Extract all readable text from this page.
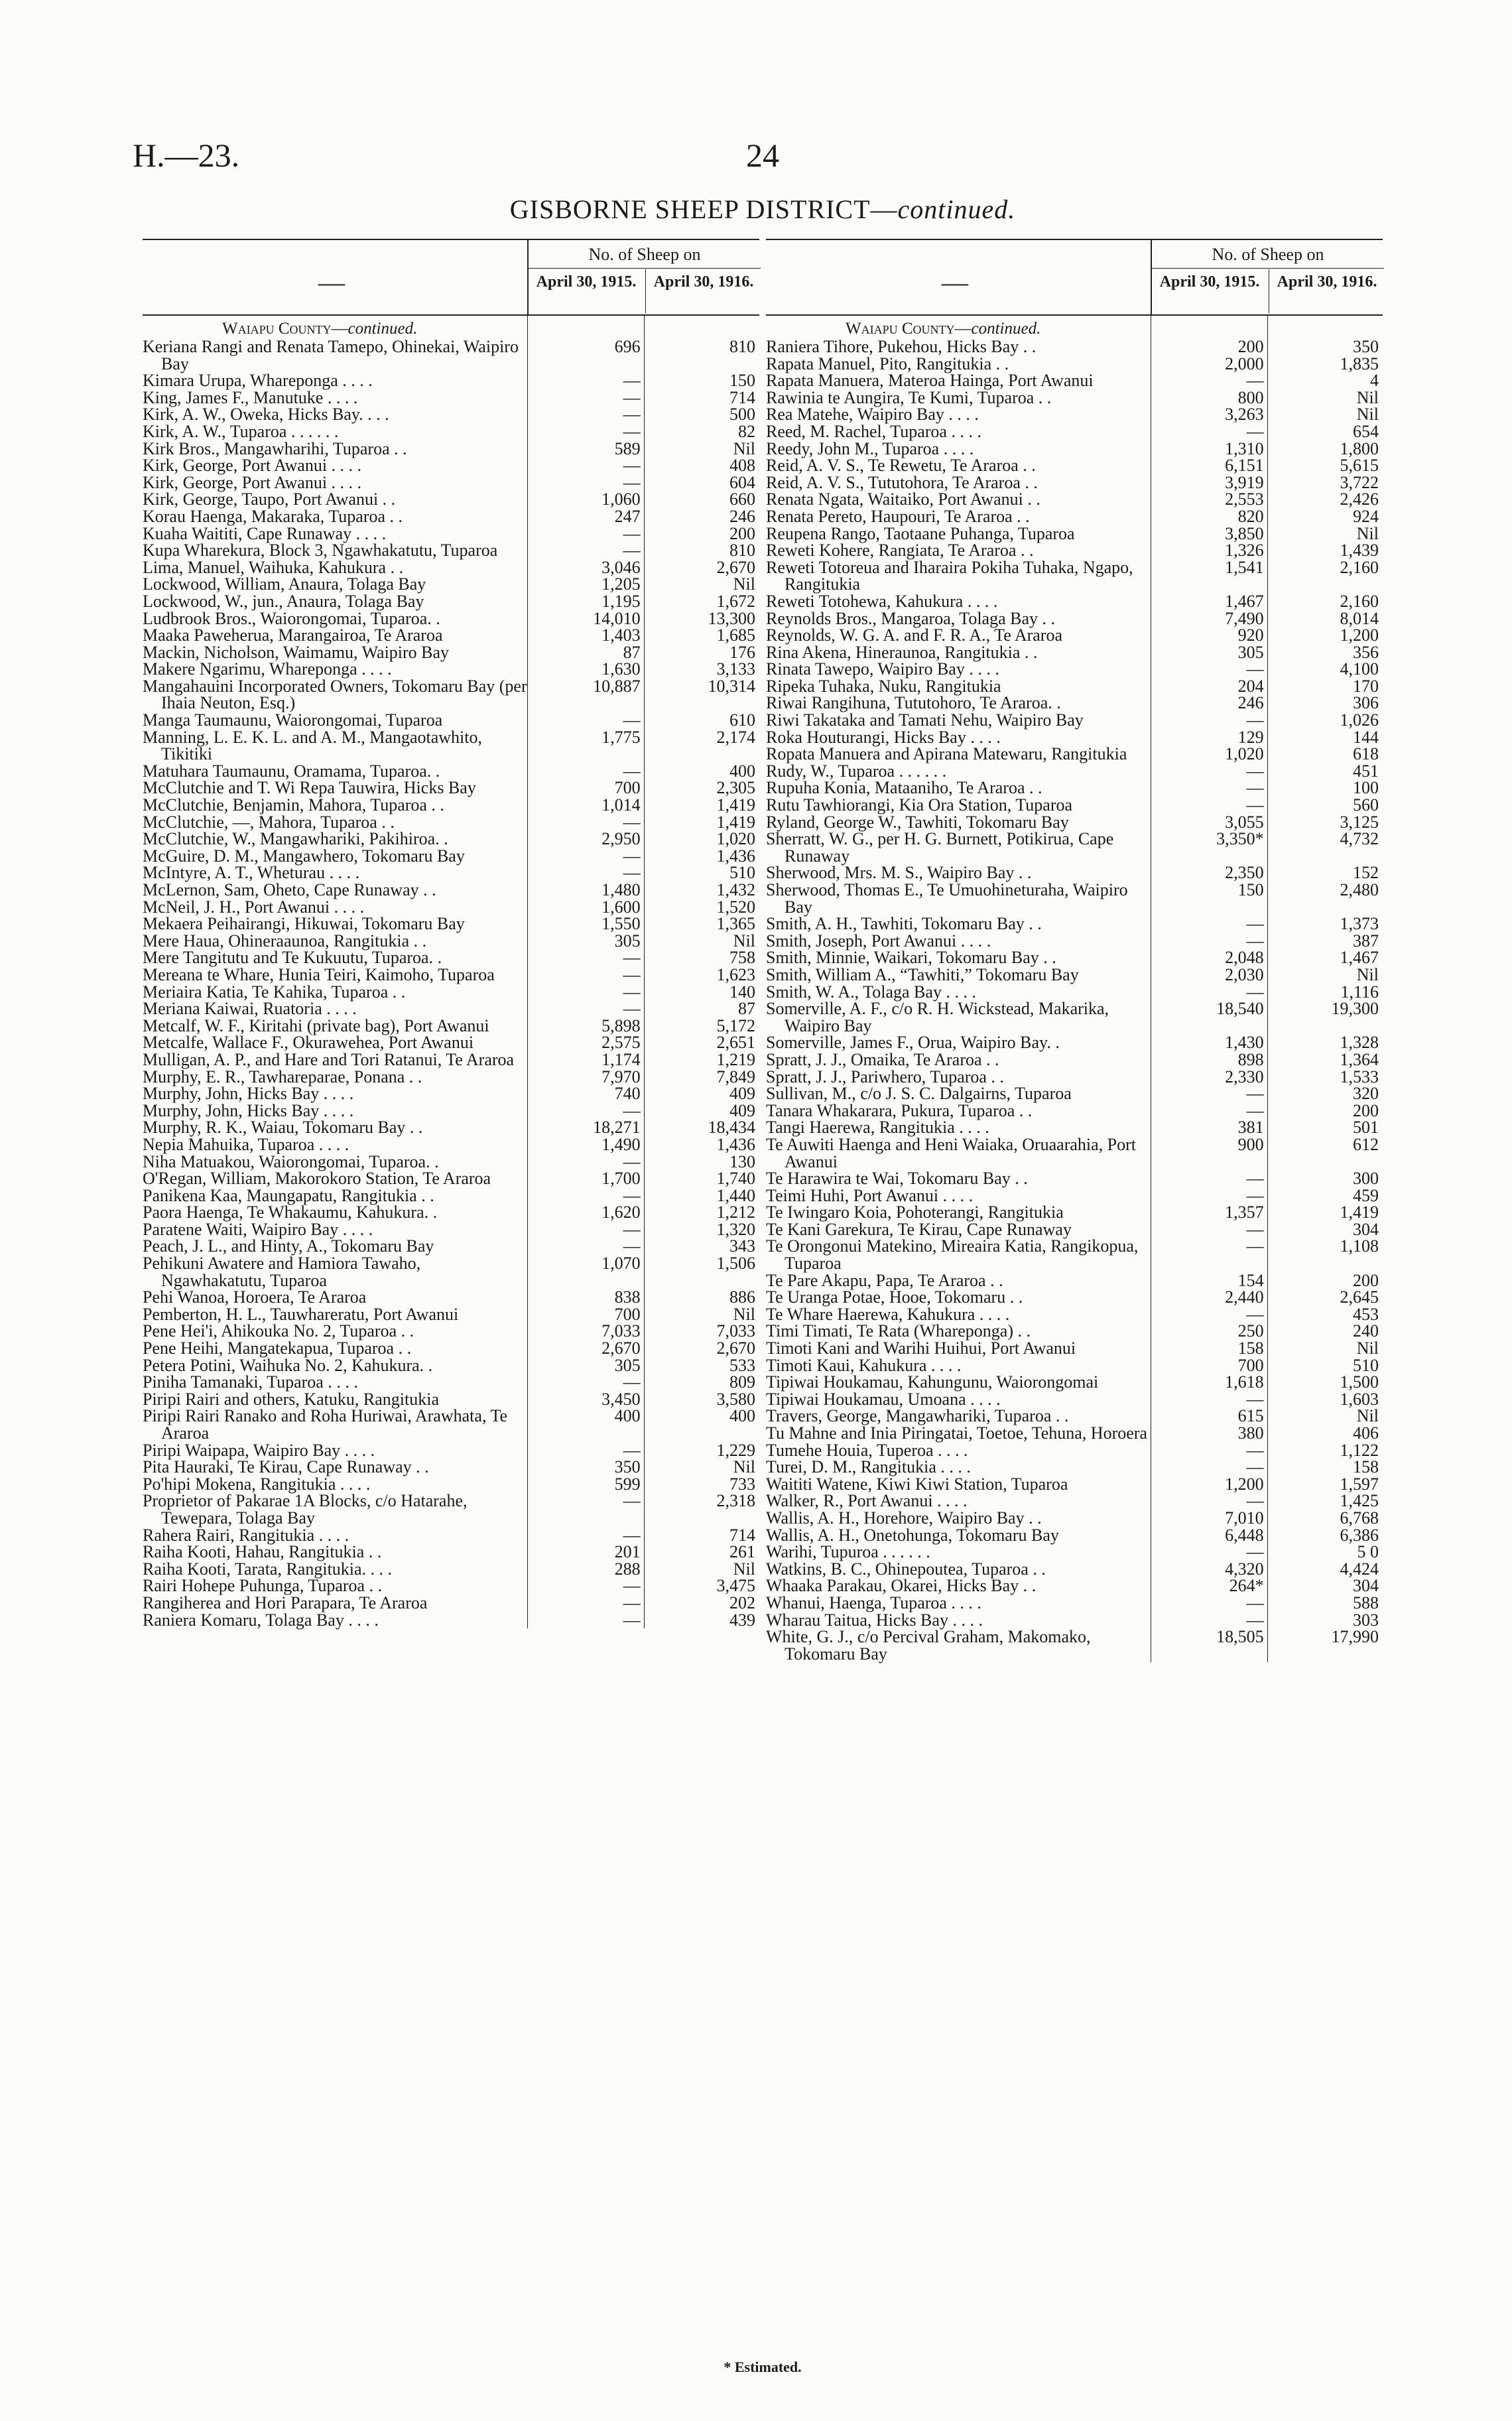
H.—23.	24
GISBORNE SHEEP DISTRICT—continued.
—
No. of Sheep on
April 30, 1915.	April 30, 1916.
Waiapu County—continued.
Keriana Rangi and Renata Tamepo, Ohinekai, Waipiro Bay
696	810
Kimara Urupa, Whareponga . . . .	—	150
King, James F., Manutuke . . . .	—	714
Kirk, A. W., Oweka, Hicks Bay. . . .	—	500
Kirk, A. W., Tuparoa . . . . . .	—	82
Kirk Bros., Mangawharihi, Tuparoa . .	589	Nil
Kirk, George, Port Awanui . . . .	—	408
Kirk, George, Port Awanui . . . .	—	604
Kirk, George, Taupo, Port Awanui . .	1,060	660
Korau Haenga, Makaraka, Tuparoa . .	247	246
Kuaha Waititi, Cape Runaway . . . .	—	200
Kupa Wharekura, Block 3, Ngawhakatutu, Tuparoa	—	810
Lima, Manuel, Waihuka, Kahukura . .	3,046	2,670
Lockwood, William, Anaura, Tolaga Bay	1,205	Nil
Lockwood, W., jun., Anaura, Tolaga Bay	1,195	1,672
Ludbrook Bros., Waiorongomai, Tuparoa. .	14,010	13,300
Maaka Paweherua, Marangairoa, Te Araroa	1,403	1,685
Mackin, Nicholson, Waimamu, Waipiro Bay	87	176
Makere Ngarimu, Whareponga . . . .	1,630	3,133
Mangahauini Incorporated Owners, Tokomaru Bay (per Ihaia Neuton, Esq.)
10,887	10,314
Manga Taumaunu, Waiorongomai, Tuparoa	—	610
Manning, L. E. K. L. and A. M., Mangaotawhito, Tikitiki
1,775	2,174
Matuhara Taumaunu, Oramama, Tuparoa. .	—	400
McClutchie and T. Wi Repa Tauwira, Hicks Bay	700	2,305
McClutchie, Benjamin, Mahora, Tuparoa . .	1,014	1,419
McClutchie, —, Mahora, Tuparoa . .	—	1,419
McClutchie, W., Mangawhariki, Pakihiroa. .	2,950	1,020
McGuire, D. M., Mangawhero, Tokomaru Bay	—	1,436
McIntyre, A. T., Wheturau . . . .	—	510
McLernon, Sam, Oheto, Cape Runaway . .	1,480	1,432
McNeil, J. H., Port Awanui . . . .	1,600	1,520
Mekaera Peihairangi, Hikuwai, Tokomaru Bay	1,550	1,365
Mere Haua, Ohineraaunoa, Rangitukia . .	305	Nil
Mere Tangitutu and Te Kukuutu, Tuparoa. .	—	758
Mereana te Whare, Hunia Teiri, Kaimoho, Tuparoa	—	1,623
Meriaira Katia, Te Kahika, Tuparoa . .	—	140
Meriana Kaiwai, Ruatoria . . . .	—	87
Metcalf, W. F., Kiritahi (private bag), Port Awanui	5,898	5,172
Metcalfe, Wallace F., Okurawehea, Port Awanui	2,575	2,651
Mulligan, A. P., and Hare and Tori Ratanui, Te Araroa	1,174	1,219
Murphy, E. R., Tawhareparae, Ponana . .	7,970	7,849
Murphy, John, Hicks Bay . . . .	740	409
Murphy, John, Hicks Bay . . . .	—	409
Murphy, R. K., Waiau, Tokomaru Bay . .	18,271	18,434
Nepia Mahuika, Tuparoa . . . .	1,490	1,436
Niha Matuakou, Waiorongomai, Tuparoa. .	—	130
O'Regan, William, Makorokoro Station, Te Araroa	1,700	1,740
Panikena Kaa, Maungapatu, Rangitukia . .	—	1,440
Paora Haenga, Te Whakaumu, Kahukura. .	1,620	1,212
Paratene Waiti, Waipiro Bay . . . .	—	1,320
Peach, J. L., and Hinty, A., Tokomaru Bay	—	343
Pehikuni Awatere and Hamiora Tawaho, Ngawhakatutu, Tuparoa
1,070	1,506
Pehi Wanoa, Horoera, Te Araroa	838	886
Pemberton, H. L., Tauwhareratu, Port Awanui	700	Nil
Pene Hei'i, Ahikouka No. 2, Tuparoa . .	7,033	7,033
Pene Heihi, Mangatekapua, Tuparoa . .	2,670	2,670
Petera Potini, Waihuka No. 2, Kahukura. .	305	533
Piniha Tamanaki, Tuparoa . . . .	—	809
Piripi Rairi and others, Katuku, Rangitukia	3,450	3,580
Piripi Rairi Ranako and Roha Huriwai, Arawhata, Te Araroa
400	400
Piripi Waipapa, Waipiro Bay . . . .	—	1,229
Pita Hauraki, Te Kirau, Cape Runaway . .	350	Nil
Po'hipi Mokena, Rangitukia . . . .	599	733
Proprietor of Pakarae 1A Blocks, c/o Hatarahe, Tewepara, Tolaga Bay
—	2,318
Rahera Rairi, Rangitukia . . . .	—	714
Raiha Kooti, Hahau, Rangitukia . .	201	261
Raiha Kooti, Tarata, Rangitukia. . . .	288	Nil
Rairi Hohepe Puhunga, Tuparoa . .	—	3,475
Rangiherea and Hori Parapara, Te Araroa	—	202
Raniera Komaru, Tolaga Bay . . . .	—	439
—
No. of Sheep on
April 30, 1915.	April 30, 1916.
Waiapu County—continued.
Raniera Tihore, Pukehou, Hicks Bay . .	200	350
Rapata Manuel, Pito, Rangitukia . .	2,000	1,835
Rapata Manuera, Materoa Hainga, Port Awanui	—	4
Rawinia te Aungira, Te Kumi, Tuparoa . .	800	Nil
Rea Matehe, Waipiro Bay . . . .	3,263	Nil
Reed, M. Rachel, Tuparoa . . . .	—	654
Reedy, John M., Tuparoa . . . .	1,310	1,800
Reid, A. V. S., Te Rewetu, Te Araroa . .	6,151	5,615
Reid, A. V. S., Tututohora, Te Araroa . .	3,919	3,722
Renata Ngata, Waitaiko, Port Awanui . .	2,553	2,426
Renata Pereto, Haupouri, Te Araroa . .	820	924
Reupena Rango, Taotaane Puhanga, Tuparoa	3,850	Nil
Reweti Kohere, Rangiata, Te Araroa . .	1,326	1,439
Reweti Totoreua and Iharaira Pokiha Tuhaka, Ngapo, Rangitukia
1,541	2,160
Reweti Totohewa, Kahukura . . . .	1,467	2,160
Reynolds Bros., Mangaroa, Tolaga Bay . .	7,490	8,014
Reynolds, W. G. A. and F. R. A., Te Araroa	920	1,200
Rina Akena, Hineraunoa, Rangitukia . .	305	356
Rinata Tawepo, Waipiro Bay . . . .	—	4,100
Ripeka Tuhaka, Nuku, Rangitukia	204	170
Riwai Rangihuna, Tututohoro, Te Araroa. .	246	306
Riwi Takataka and Tamati Nehu, Waipiro Bay	—	1,026
Roka Houturangi, Hicks Bay . . . .	129	144
Ropata Manuera and Apirana Matewaru, Rangitukia	1,020	618
Rudy, W., Tuparoa . . . . . .	—	451
Rupuha Konia, Mataaniho, Te Araroa . .	—	100
Rutu Tawhiorangi, Kia Ora Station, Tuparoa	—	560
Ryland, George W., Tawhiti, Tokomaru Bay	3,055	3,125
Sherratt, W. G., per H. G. Burnett, Potikirua, Cape Runaway
3,350*	4,732
Sherwood, Mrs. M. S., Waipiro Bay . .	2,350	152
Sherwood, Thomas E., Te Umuohineturaha, Waipiro Bay
150	2,480
Smith, A. H., Tawhiti, Tokomaru Bay . .	—	1,373
Smith, Joseph, Port Awanui . . . .	—	387
Smith, Minnie, Waikari, Tokomaru Bay . .	2,048	1,467
Smith, William A., “Tawhiti,” Tokomaru Bay	2,030	Nil
Smith, W. A., Tolaga Bay . . . .	—	1,116
Somerville, A. F., c/o R. H. Wickstead, Makarika, Waipiro Bay
18,540	19,300
Somerville, James F., Orua, Waipiro Bay. .	1,430	1,328
Spratt, J. J., Omaika, Te Araroa . .	898	1,364
Spratt, J. J., Pariwhero, Tuparoa . .	2,330	1,533
Sullivan, M., c/o J. S. C. Dalgairns, Tuparoa	—	320
Tanara Whakarara, Pukura, Tuparoa . .	—	200
Tangi Haerewa, Rangitukia . . . .	381	501
Te Auwiti Haenga and Heni Waiaka, Oruaarahia, Port Awanui
900	612
Te Harawira te Wai, Tokomaru Bay . .	—	300
Teimi Huhi, Port Awanui . . . .	—	459
Te Iwingaro Koia, Pohoterangi, Rangitukia	1,357	1,419
Te Kani Garekura, Te Kirau, Cape Runaway	—	304
Te Orongonui Matekino, Mireaira Katia, Rangikopua, Tuparoa
—	1,108
Te Pare Akapu, Papa, Te Araroa . .	154	200
Te Uranga Potae, Hooe, Tokomaru . .	2,440	2,645
Te Whare Haerewa, Kahukura . . . .	—	453
Timi Timati, Te Rata (Whareponga) . .	250	240
Timoti Kani and Warihi Huihui, Port Awanui	158	Nil
Timoti Kaui, Kahukura . . . .	700	510
Tipiwai Houkamau, Kahungunu, Waiorongomai	1,618	1,500
Tipiwai Houkamau, Umoana . . . .	—	1,603
Travers, George, Mangawhariki, Tuparoa . .	615	Nil
Tu Mahne and Inia Piringatai, Toetoe, Tehuna, Horoera	380	406
Tumehe Houia, Tuperoa . . . .	—	1,122
Turei, D. M., Rangitukia . . . .	—	158
Waititi Watene, Kiwi Kiwi Station, Tuparoa	1,200	1,597
Walker, R., Port Awanui . . . .	—	1,425
Wallis, A. H., Horehore, Waipiro Bay . .	7,010	6,768
Wallis, A. H., Onetohunga, Tokomaru Bay	6,448	6,386
Warihi, Tupuroa . . . . . .	—	5 0
Watkins, B. C., Ohinepoutea, Tuparoa . .	4,320	4,424
Whaaka Parakau, Okarei, Hicks Bay . .	264*	304
Whanui, Haenga, Tuparoa . . . .	—	588
Wharau Taitua, Hicks Bay . . . .	—	303
White, G. J., c/o Percival Graham, Makomako, Tokomaru Bay
18,505	17,990
* Estimated.
